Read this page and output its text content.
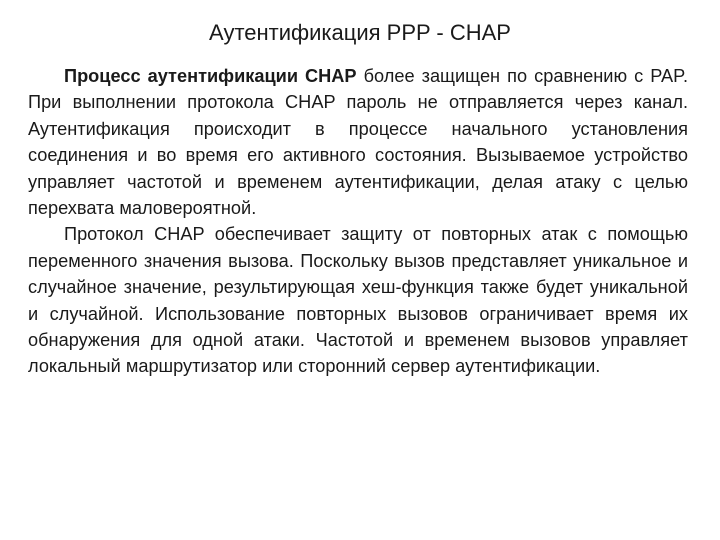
Аутентификация PPP - CHAP

Процесс аутентификации CHAP более защищен по сравнению с PAP. При выполнении протокола CHAP пароль не отправляется через канал. Аутентификация происходит в процессе начального установления соединения и во время его активного состояния. Вызываемое устройство управляет частотой и временем аутентификации, делая атаку с целью перехвата маловероятной.

Протокол CHAP обеспечивает защиту от повторных атак с помощью переменного значения вызова. Поскольку вызов представляет уникальное и случайное значение, результирующая хеш-функция также будет уникальной и случайной. Использование повторных вызовов ограничивает время их обнаружения для одной атаки. Частотой и временем вызовов управляет локальный маршрутизатор или сторонний сервер аутентификации.
